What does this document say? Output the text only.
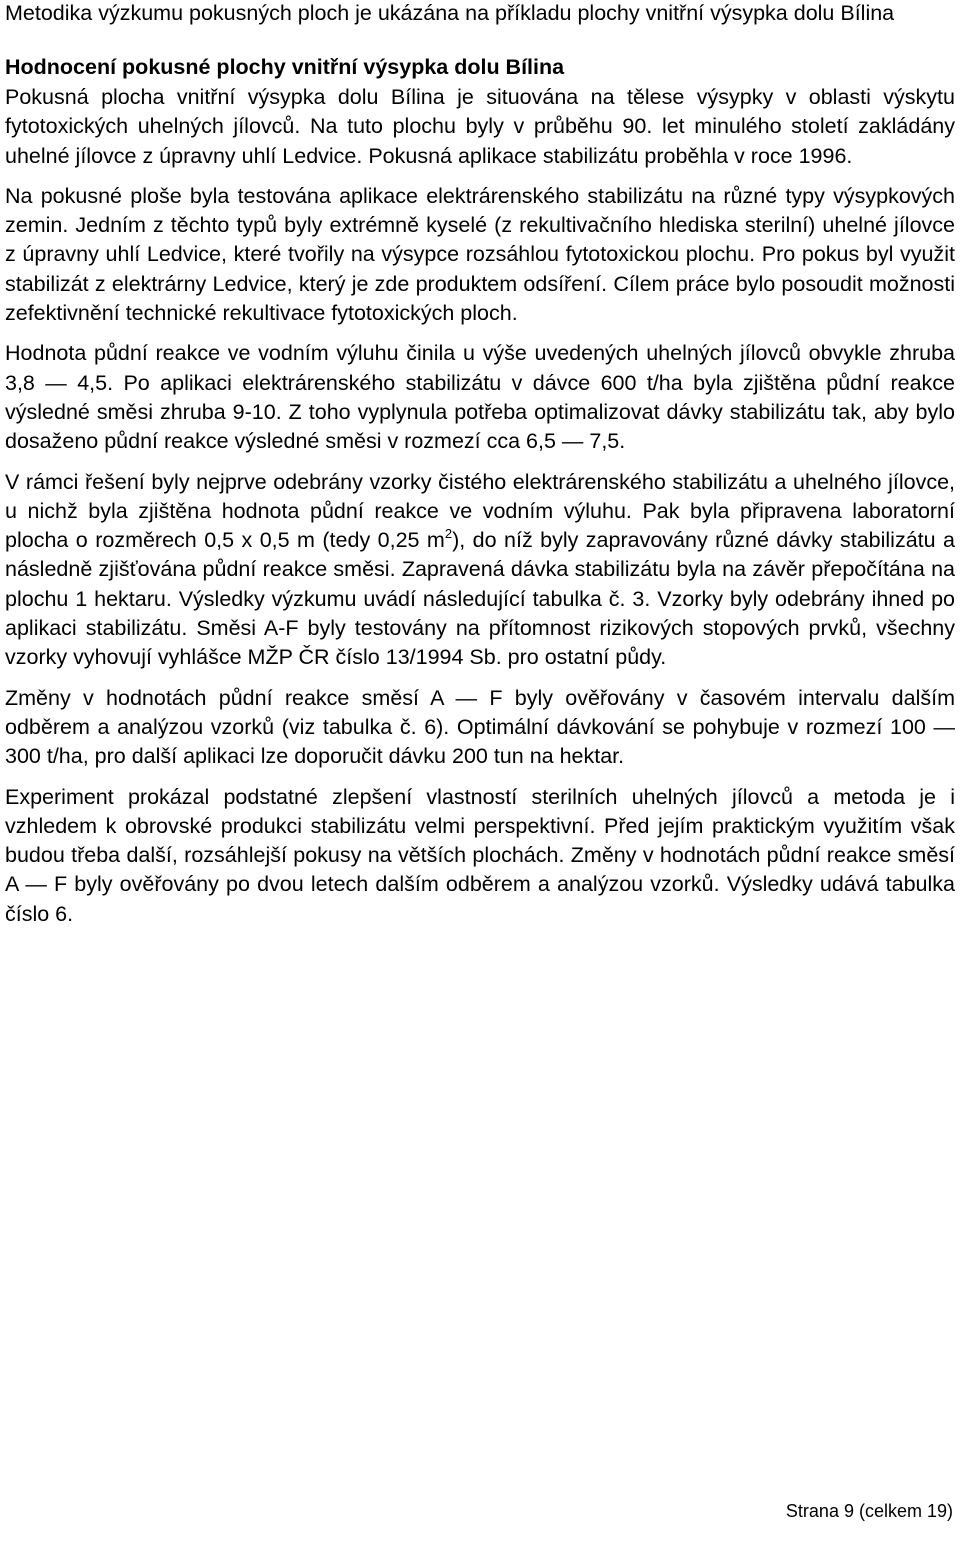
Metodika výzkumu pokusných ploch je ukázána na příkladu plochy vnitřní výsypka dolu Bílina
Hodnocení pokusné plochy vnitřní výsypka dolu Bílina

Pokusná plocha vnitřní výsypka dolu Bílina je situována na tělese výsypky v oblasti výskytu fytotoxických uhelných jílovců. Na tuto plochu byly v průběhu 90. let minulého století zakládány uhelné jílovce z úpravny uhlí Ledvice. Pokusná aplikace stabilizátu proběhla v roce 1996.

Na pokusné ploše byla testována aplikace elektrárenského stabilizátu na různé typy výsypkových zemin. Jedním z těchto typů byly extrémně kyselé (z rekultivačního hlediska sterilní) uhelné jílovce z úpravny uhlí Ledvice, které tvořily na výsypce rozsáhlou fytotoxickou plochu. Pro pokus byl využit stabilizát z elektrárny Ledvice, který je zde produktem odsíření. Cílem práce bylo posoudit možnosti zefektivnění technické rekultivace fytotoxických ploch.

Hodnota půdní reakce ve vodním výluhu činila u výše uvedených uhelných jílovců obvykle zhruba 3,8 — 4,5. Po aplikaci elektrárenského stabilizátu v dávce 600 t/ha byla zjištěna půdní reakce výsledné směsi zhruba 9-10. Z toho vyplynula potřeba optimalizovat dávky stabilizátu tak, aby bylo dosaženo půdní reakce výsledné směsi v rozmezí cca 6,5 — 7,5.

V rámci řešení byly nejprve odebrány vzorky čistého elektrárenského stabilizátu a uhelného jílovce, u nichž byla zjištěna hodnota půdní reakce ve vodním výluhu. Pak byla připravena laboratorní plocha o rozměrech 0,5 x 0,5 m (tedy 0,25 $m^2$), do níž byly zapravovány různé dávky stabilizátu a následně zjišťována půdní reakce směsi. Zapravená dávka stabilizátu byla na závěr přepočítána na plochu 1 hektaru. Výsledky výzkumu uvádí následující tabulka č. 3. Vzorky byly odebrány ihned po aplikaci stabilizátu. Směsi A-F byly testovány na přítomnost rizikových stopových prvků, všechny vzorky vyhovují vyhlášce MŽP ČR číslo 13/1994 Sb. pro ostatní půdy.

Změny v hodnotách půdní reakce směsí A — F byly ověřovány v časovém intervalu dalším odběrem a analýzou vzorků (viz tabulka č. 6). Optimální dávkování se pohybuje v rozmezí 100 — 300 t/ha, pro další aplikaci lze doporučit dávku 200 tun na hektar.

Experiment prokázal podstatné zlepšení vlastností sterilních uhelných jílovců a metoda je i vzhledem k obrovské produkci stabilizátu velmi perspektivní. Před jejím praktickým využitím však budou třeba další, rozsáhlejší pokusy na větších plochách. Změny v hodnotách půdní reakce směsí A — F byly ověřovány po dvou letech dalším odběrem a analýzou vzorků. Výsledky udává tabulka číslo 6.

Strana 9 (celkem 19)
